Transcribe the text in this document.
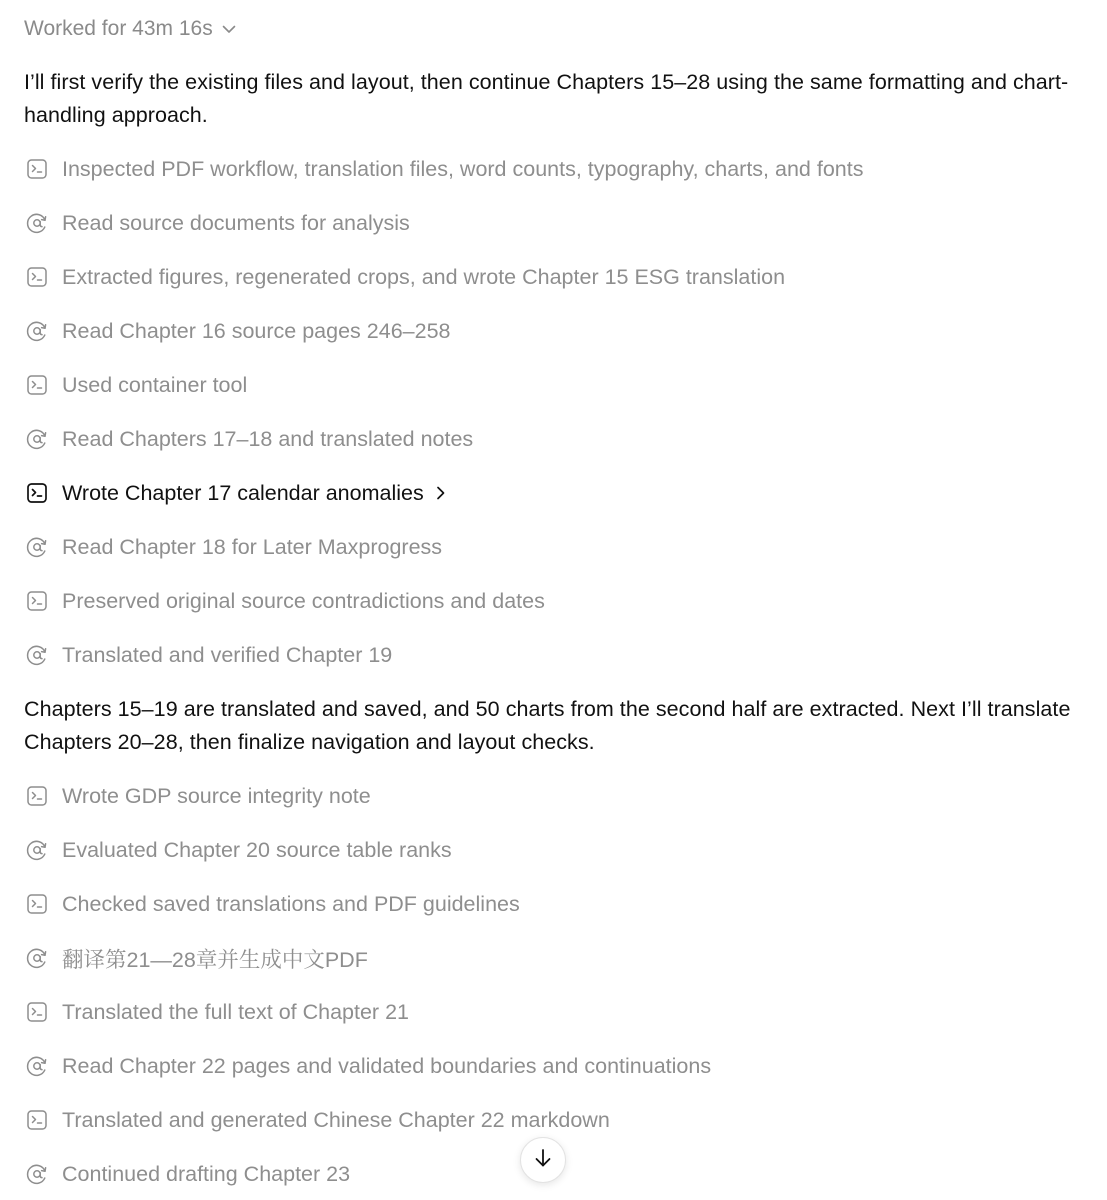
Worked for 43m 16s
I’ll first verify the existing files and layout, then continue Chapters 15–28 using the same formatting and chart-handling approach.
Inspected PDF workflow, translation files, word counts, typography, charts, and fonts
Read source documents for analysis
Extracted figures, regenerated crops, and wrote Chapter 15 ESG translation
Read Chapter 16 source pages 246–258
Used container tool
Read Chapters 17–18 and translated notes
Wrote Chapter 17 calendar anomalies
Read Chapter 18 for Later Maxprogress
Preserved original source contradictions and dates
Translated and verified Chapter 19
Chapters 15–19 are translated and saved, and 50 charts from the second half are extracted. Next I’ll translate Chapters 20–28, then finalize navigation and layout checks.
Wrote GDP source integrity note
Evaluated Chapter 20 source table ranks
Checked saved translations and PDF guidelines
翻译第21—28章并生成中文PDF
Translated the full text of Chapter 21
Read Chapter 22 pages and validated boundaries and continuations
Translated and generated Chinese Chapter 22 markdown
Continued drafting Chapter 23
